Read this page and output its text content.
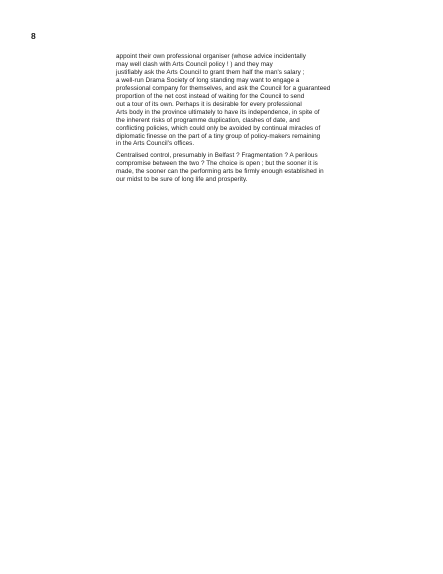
8

appoint their own professional organiser (whose advice incidentally
may well clash with Arts Council policy ! ) and they may
justifiably ask the Arts Council to grant them half the man's salary ;
a well-run Drama Society of long standing may want to engage a
professional company for themselves, and ask the Council for a guaranteed
proportion of the net cost instead of waiting for the Council to send
out a tour of its own. Perhaps it is desirable for every professional
Arts body in the province ultimately to have its independence, in spite of
the inherent risks of programme duplication, clashes of date, and
conflicting policies, which could only be avoided by continual miracles of
diplomatic finesse on the part of a tiny group of policy-makers remaining
in the Arts Council's offices.

Centralised control, presumably in Belfast ? Fragmentation ? A perilous
compromise between the two ? The choice is open ; but the sooner it is
made, the sooner can the performing arts be firmly enough established in
our midst to be sure of long life and prosperity.
